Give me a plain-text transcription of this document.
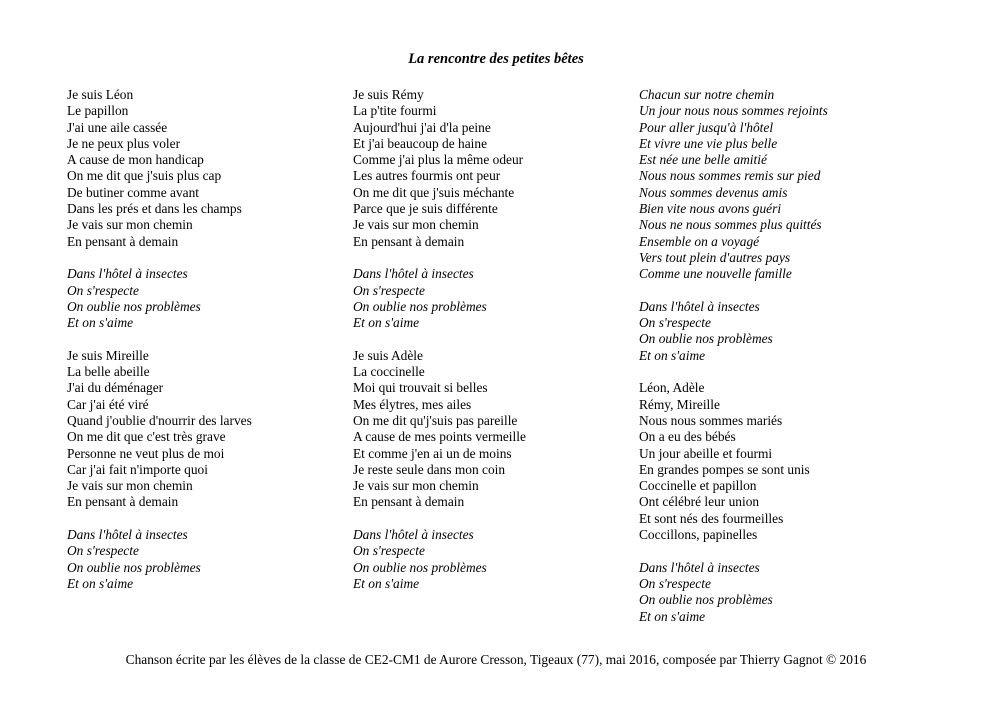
La rencontre des petites bêtes
Je suis Léon
Le papillon
J'ai une aile cassée
Je ne peux plus voler
A cause de mon handicap
On me dit que j'suis plus cap
De butiner comme avant
Dans les prés et dans les champs
Je vais sur mon chemin
En pensant à demain
Dans l'hôtel à insectes
On s'respecte
On oublie nos problèmes
Et on s'aime
Je suis Mireille
La belle abeille
J'ai du déménager
Car j'ai été viré
Quand j'oublie d'nourrir des larves
On me dit que c'est très grave
Personne ne veut plus de moi
Car j'ai fait n'importe quoi
Je vais sur mon chemin
En pensant à demain
Dans l'hôtel à insectes
On s'respecte
On oublie nos problèmes
Et on s'aime
Je suis Rémy
La p'tite fourmi
Aujourd'hui j'ai d'la peine
Et j'ai beaucoup de haine
Comme j'ai plus la même odeur
Les autres fourmis ont peur
On me dit que j'suis méchante
Parce que je suis différente
Je vais sur mon chemin
En pensant à demain
Dans l'hôtel à insectes
On s'respecte
On oublie nos problèmes
Et on s'aime
Je suis Adèle
La coccinelle
Moi qui trouvait si belles
Mes élytres, mes ailes
On me dit qu'j'suis pas pareille
A cause de mes points vermeille
Et comme j'en ai un de moins
Je reste seule dans mon coin
Je vais sur mon chemin
En pensant à demain
Dans l'hôtel à insectes
On s'respecte
On oublie nos problèmes
Et on s'aime
Chacun sur notre chemin
Un jour nous nous sommes rejoints
Pour aller jusqu'à l'hôtel
Et vivre une vie plus belle
Est née une belle amitié
Nous nous sommes remis sur pied
Nous sommes devenus amis
Bien vite nous avons guéri
Nous ne nous sommes plus quittés
Ensemble on a voyagé
Vers tout plein d'autres pays
Comme une nouvelle famille
Dans l'hôtel à insectes
On s'respecte
On oublie nos problèmes
Et on s'aime
Léon, Adèle
Rémy, Mireille
Nous nous sommes mariés
On a eu des bébés
Un jour abeille et fourmi
En grandes pompes se sont unis
Coccinelle et papillon
Ont célébré leur union
Et sont nés des fourmeilles
Coccillons, papinelles
Dans l'hôtel à insectes
On s'respecte
On oublie nos problèmes
Et on s'aime
Chanson écrite par les élèves de la classe de CE2-CM1 de Aurore Cresson, Tigeaux (77), mai 2016, composée par Thierry Gagnot © 2016
